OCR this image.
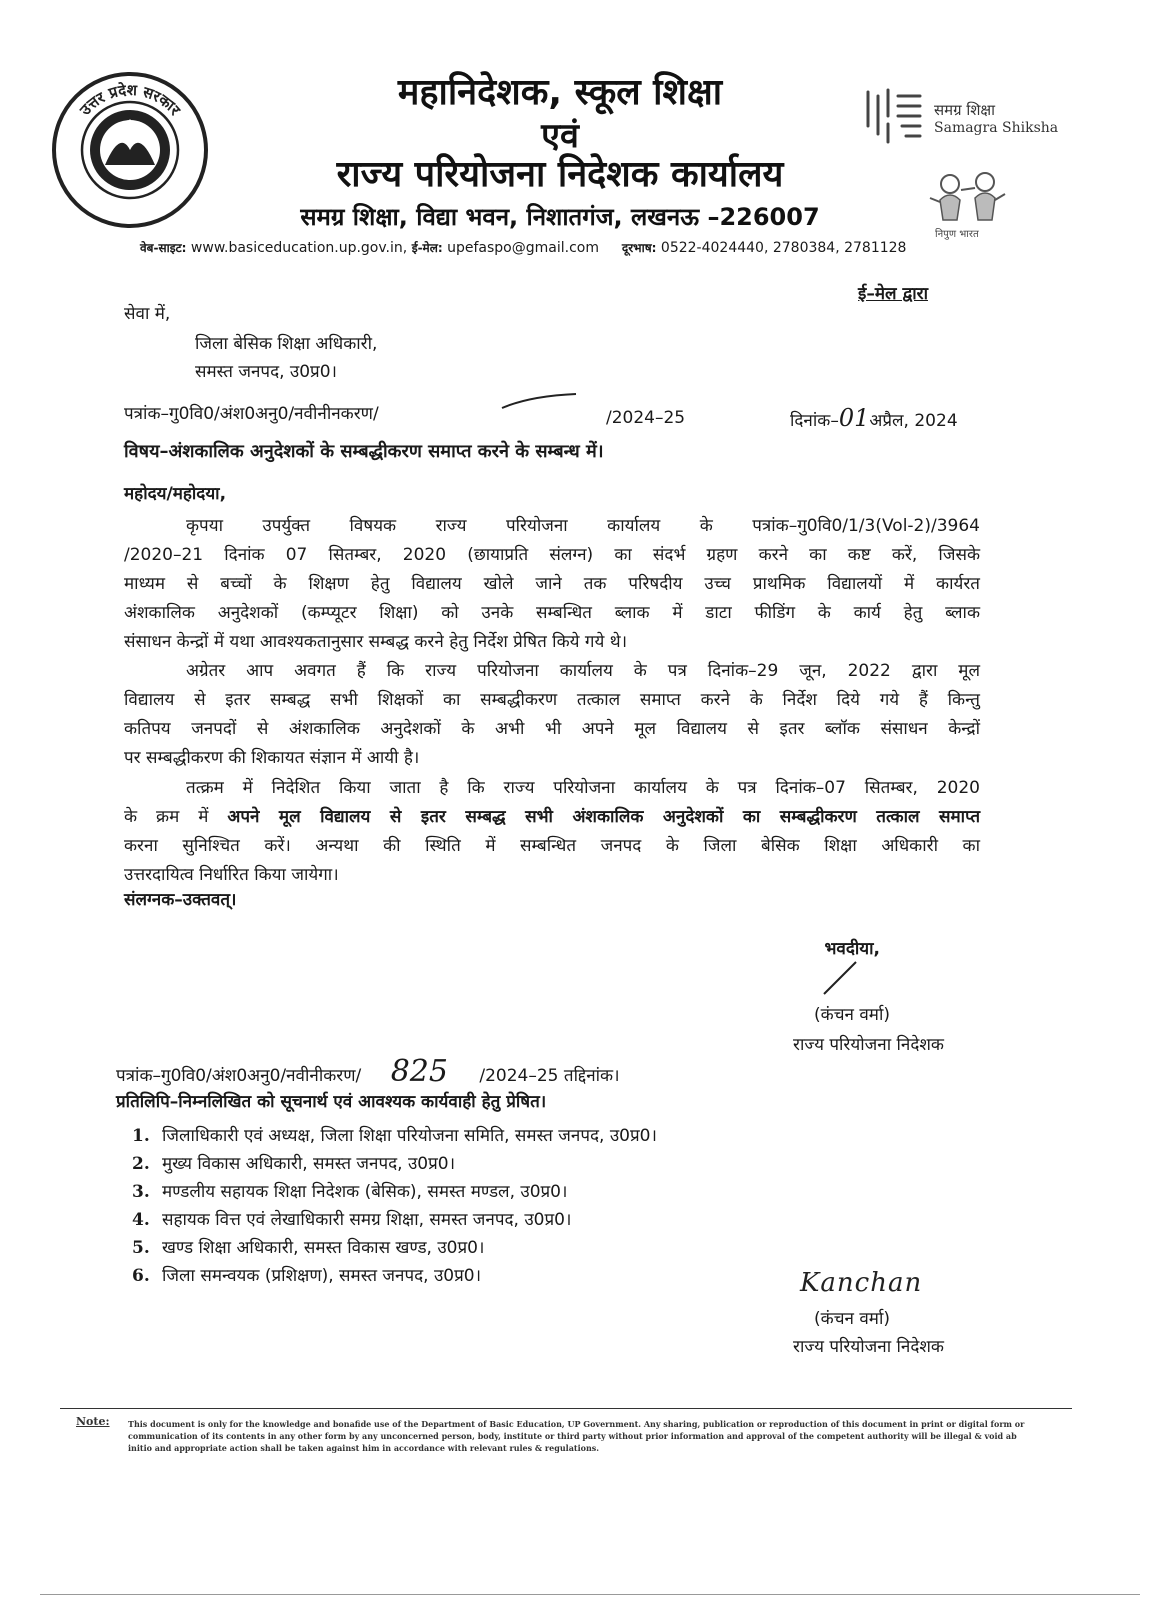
उत्तर प्रदेश सरकार	महानिदेशक, स्कूल शिक्षा
एवं
राज्य परियोजना निदेशक कार्यालय
समग्र शिक्षा, विद्या भवन, निशातगंज, लखनऊ –226007
वेब-साइट: www.basiceducation.up.gov.in, ई-मेल: upefaspo@gmail.com दूरभाष: 0522-4024440, 2780384, 2781128
समग्र शिक्षा
Samagra Shiksha
निपुण भारत
ई–मेल द्वारा
सेवा में,
जिला बेसिक शिक्षा अधिकारी,
समस्त जनपद, उ0प्र0।
पत्रांक–गु0वि0/अंश0अनु0/नवीनीनकरण/	/2024–25	दिनांक–01अप्रैल, 2024
विषय–अंशकालिक अनुदेशकों के सम्बद्धीकरण समाप्त करने के सम्बन्ध में।
महोदय/महोदया,
कृपया उपर्युक्त विषयक राज्य परियोजना कार्यालय के पत्रांक–गु0वि0/1/3(Vol-2)/3964
/2020–21 दिनांक 07 सितम्बर, 2020 (छायाप्रति संलग्न) का संदर्भ ग्रहण करने का कष्ट करें, जिसके
माध्यम से बच्चों के शिक्षण हेतु विद्यालय खोले जाने तक परिषदीय उच्च प्राथमिक विद्यालयों में कार्यरत
अंशकालिक अनुदेशकों (कम्प्यूटर शिक्षा) को उनके सम्बन्धित ब्लाक में डाटा फीडिंग के कार्य हेतु ब्लाक
संसाधन केन्द्रों में यथा आवश्यकतानुसार सम्बद्ध करने हेतु निर्देश प्रेषित किये गये थे।
अग्रेतर आप अवगत हैं कि राज्य परियोजना कार्यालय के पत्र दिनांक–29 जून, 2022 द्वारा मूल
विद्यालय से इतर सम्बद्ध सभी शिक्षकों का सम्बद्धीकरण तत्काल समाप्त करने के निर्देश दिये गये हैं किन्तु
कतिपय जनपदों से अंशकालिक अनुदेशकों के अभी भी अपने मूल विद्यालय से इतर ब्लॉक संसाधन केन्द्रों
पर सम्बद्धीकरण की शिकायत संज्ञान में आयी है।
तत्क्रम में निदेशित किया जाता है कि राज्य परियोजना कार्यालय के पत्र दिनांक–07 सितम्बर, 2020
के क्रम में अपने मूल विद्यालय से इतर सम्बद्ध सभी अंशकालिक अनुदेशकों का सम्बद्धीकरण तत्काल समाप्त
करना सुनिश्चित करें। अन्यथा की स्थिति में सम्बन्धित जनपद के जिला बेसिक शिक्षा अधिकारी का
उत्तरदायित्व निर्धारित किया जायेगा।
संलग्नक–उक्तवत्।
भवदीया,
(कंचन वर्मा)
राज्य परियोजना निदेशक
पत्रांक–गु0वि0/अंश0अनु0/नवीनीकरण/ 825 /2024–25 तद्दिनांक।
प्रतिलिपि–निम्नलिखित को सूचनार्थ एवं आवश्यक कार्यवाही हेतु प्रेषित।
1. जिलाधिकारी एवं अध्यक्ष, जिला शिक्षा परियोजना समिति, समस्त जनपद, उ0प्र0।
2. मुख्य विकास अधिकारी, समस्त जनपद, उ0प्र0।
3. मण्डलीय सहायक शिक्षा निदेशक (बेसिक), समस्त मण्डल, उ0प्र0।
4. सहायक वित्त एवं लेखाधिकारी समग्र शिक्षा, समस्त जनपद, उ0प्र0।
5. खण्ड शिक्षा अधिकारी, समस्त विकास खण्ड, उ0प्र0।
6. जिला समन्वयक (प्रशिक्षण), समस्त जनपद, उ0प्र0।	Kanchan
(कंचन वर्मा)
राज्य परियोजना निदेशक
Note: This document is only for the knowledge and bonafide use of the Department of Basic Education, UP Government. Any sharing, publication or reproduction of this document in print or digital form or communication of its contents in any other form by any unconcerned person, body, institute or third party without prior information and approval of the competent authority will be illegal & void ab initio and appropriate action shall be taken against him in accordance with relevant rules & regulations.
